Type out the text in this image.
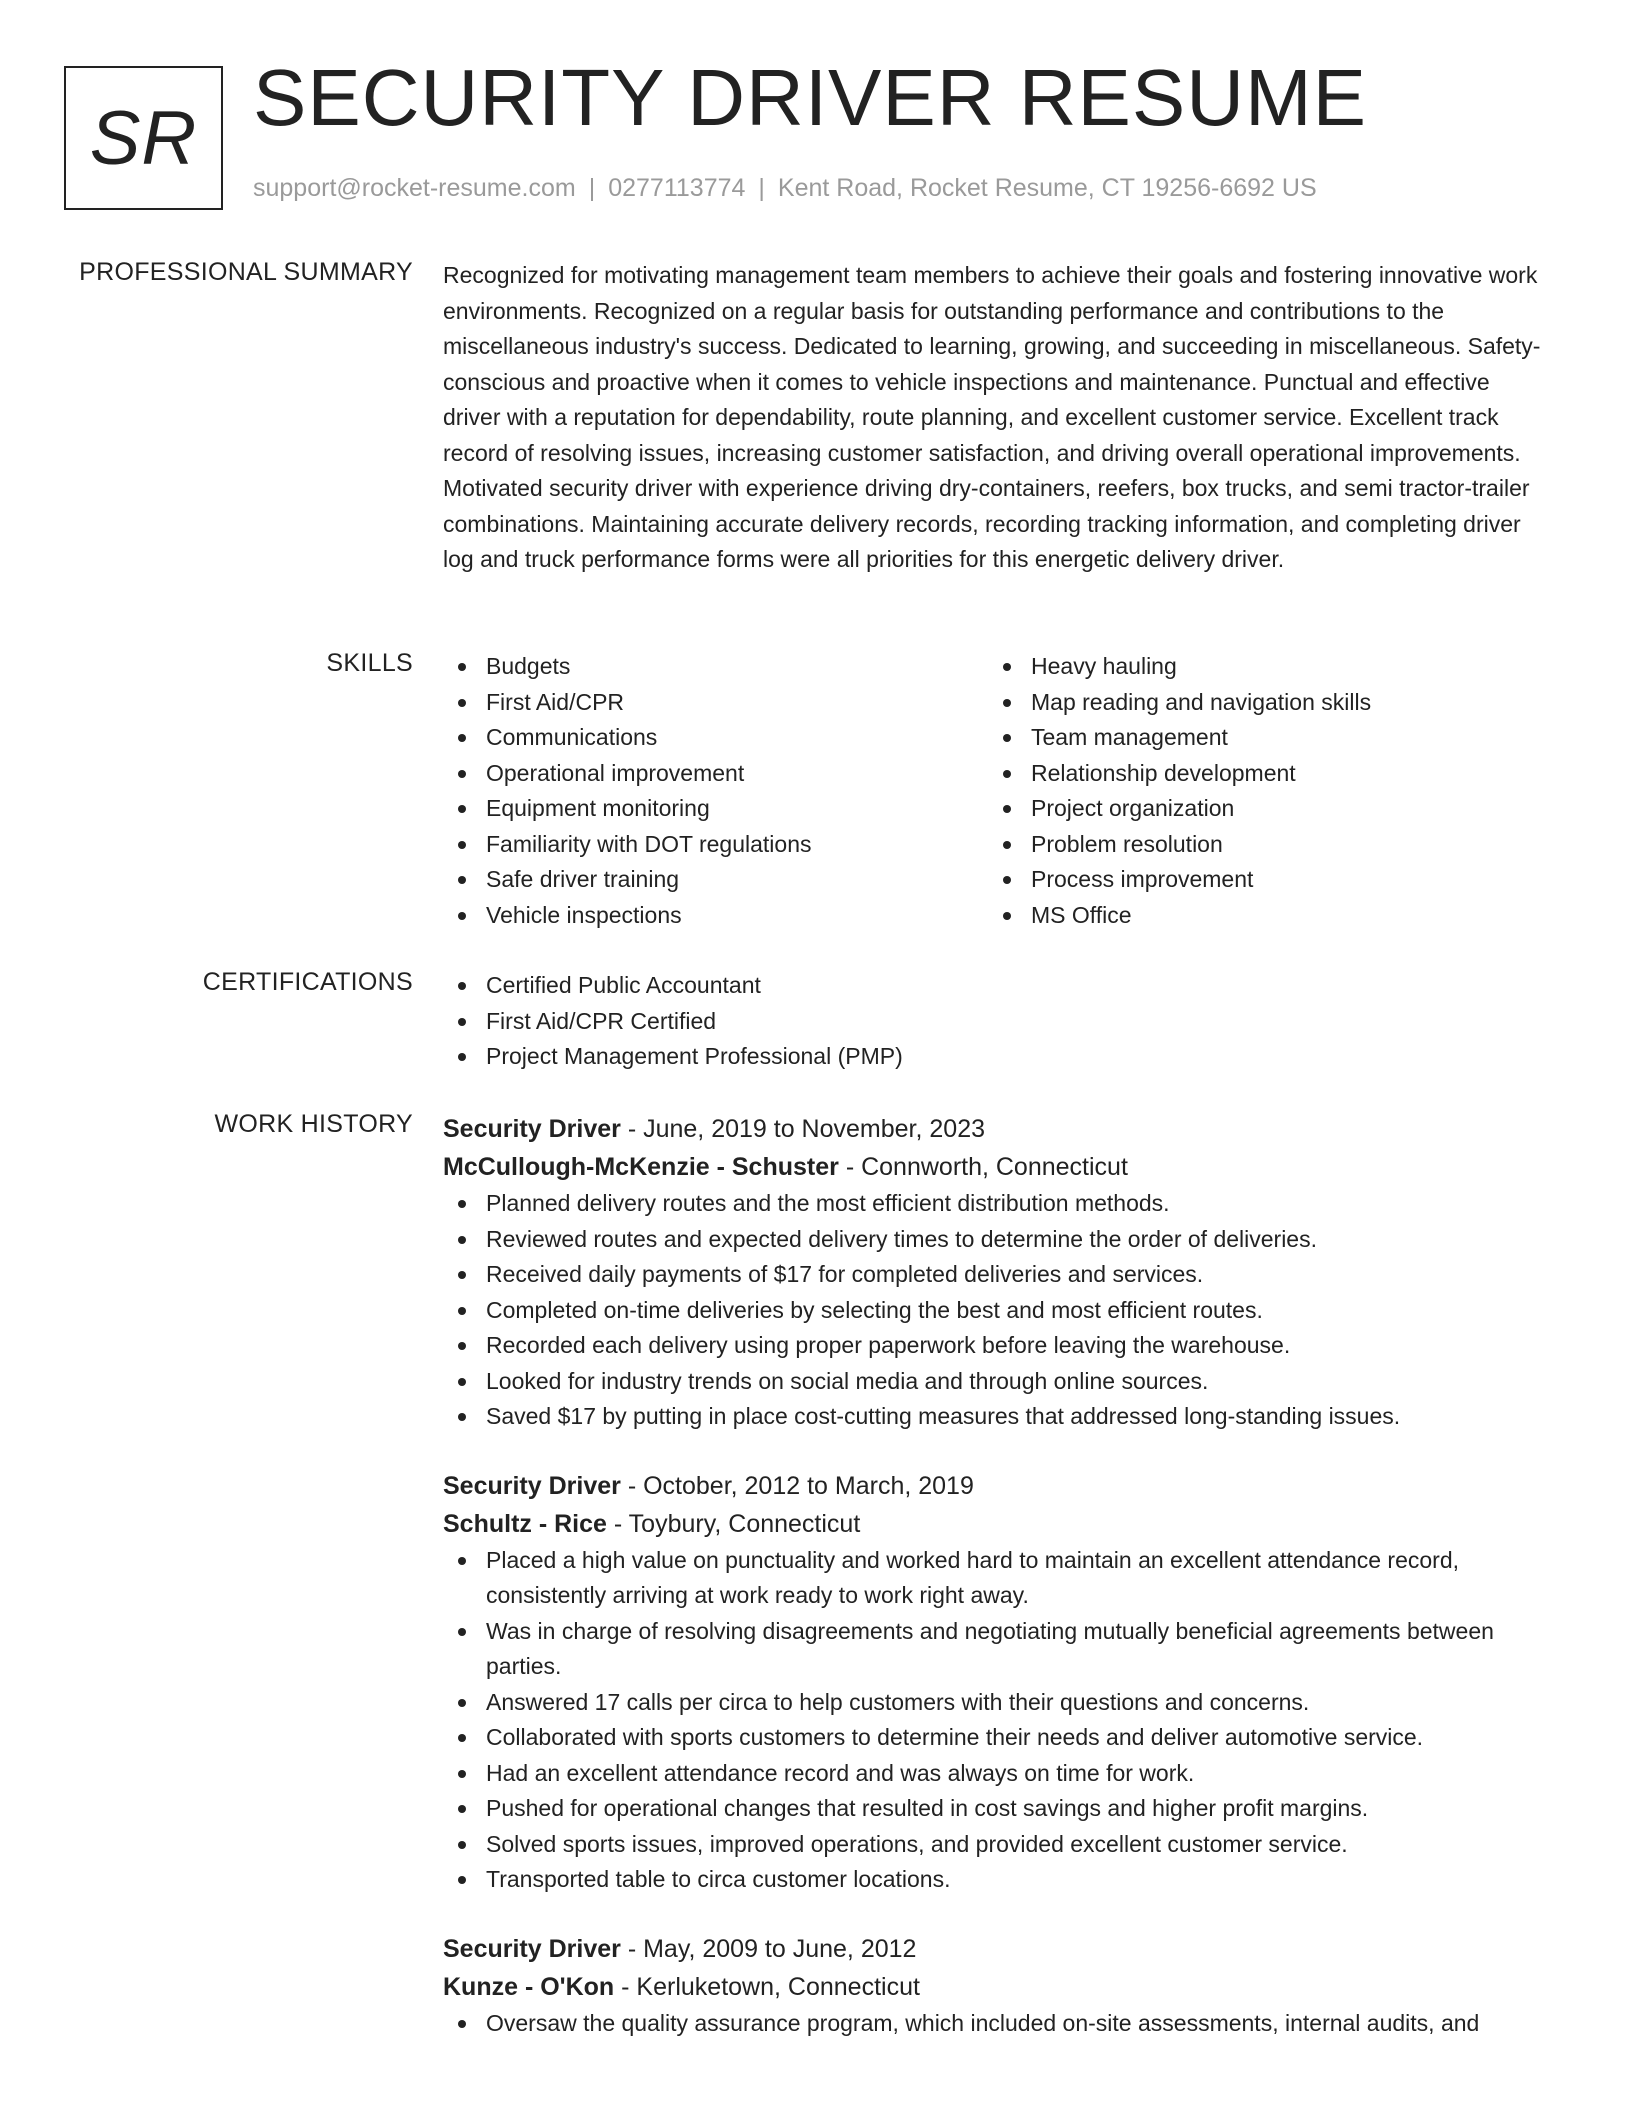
SR SECURITY DRIVER RESUME
support@rocket-resume.com | 0277113774 | Kent Road, Rocket Resume, CT 19256-6692 US
PROFESSIONAL SUMMARY Recognized for motivating management team members to achieve their goals and fostering innovative work environments. Recognized on a regular basis for outstanding performance and contributions to the miscellaneous industry's success. Dedicated to learning, growing, and succeeding in miscellaneous. Safety-conscious and proactive when it comes to vehicle inspections and maintenance. Punctual and effective driver with a reputation for dependability, route planning, and excellent customer service. Excellent track record of resolving issues, increasing customer satisfaction, and driving overall operational improvements. Motivated security driver with experience driving dry-containers, reefers, box trucks, and semi tractor-trailer combinations. Maintaining accurate delivery records, recording tracking information, and completing driver log and truck performance forms were all priorities for this energetic delivery driver.

SKILLS	Budgets
First Aid/CPR
Communications
Operational improvement
Equipment monitoring
Familiarity with DOT regulations
Safe driver training
Vehicle inspections
Heavy hauling
Map reading and navigation skills
Team management
Relationship development
Project organization
Problem resolution
Process improvement
MS Office
CERTIFICATIONS	Certified Public Accountant
First Aid/CPR Certified
Project Management Professional (PMP)
WORK HISTORY Security Driver - June, 2019 to November, 2023
McCullough-McKenzie - Schuster - Connworth, Connecticut
Planned delivery routes and the most efficient distribution methods.
Reviewed routes and expected delivery times to determine the order of deliveries.
Received daily payments of $17 for completed deliveries and services.
Completed on-time deliveries by selecting the best and most efficient routes.
Recorded each delivery using proper paperwork before leaving the warehouse.
Looked for industry trends on social media and through online sources.
Saved $17 by putting in place cost-cutting measures that addressed long-standing issues.
Security Driver - October, 2012 to March, 2019
Schultz - Rice - Toybury, Connecticut
Placed a high value on punctuality and worked hard to maintain an excellent attendance record, consistently arriving at work ready to work right away.
Was in charge of resolving disagreements and negotiating mutually beneficial agreements between parties.
Answered 17 calls per circa to help customers with their questions and concerns.
Collaborated with sports customers to determine their needs and deliver automotive service.
Had an excellent attendance record and was always on time for work.
Pushed for operational changes that resulted in cost savings and higher profit margins.
Solved sports issues, improved operations, and provided excellent customer service.
Transported table to circa customer locations.
Security Driver - May, 2009 to June, 2012
Kunze - O'Kon - Kerluketown, Connecticut
Oversaw the quality assurance program, which included on-site assessments, internal audits, and
